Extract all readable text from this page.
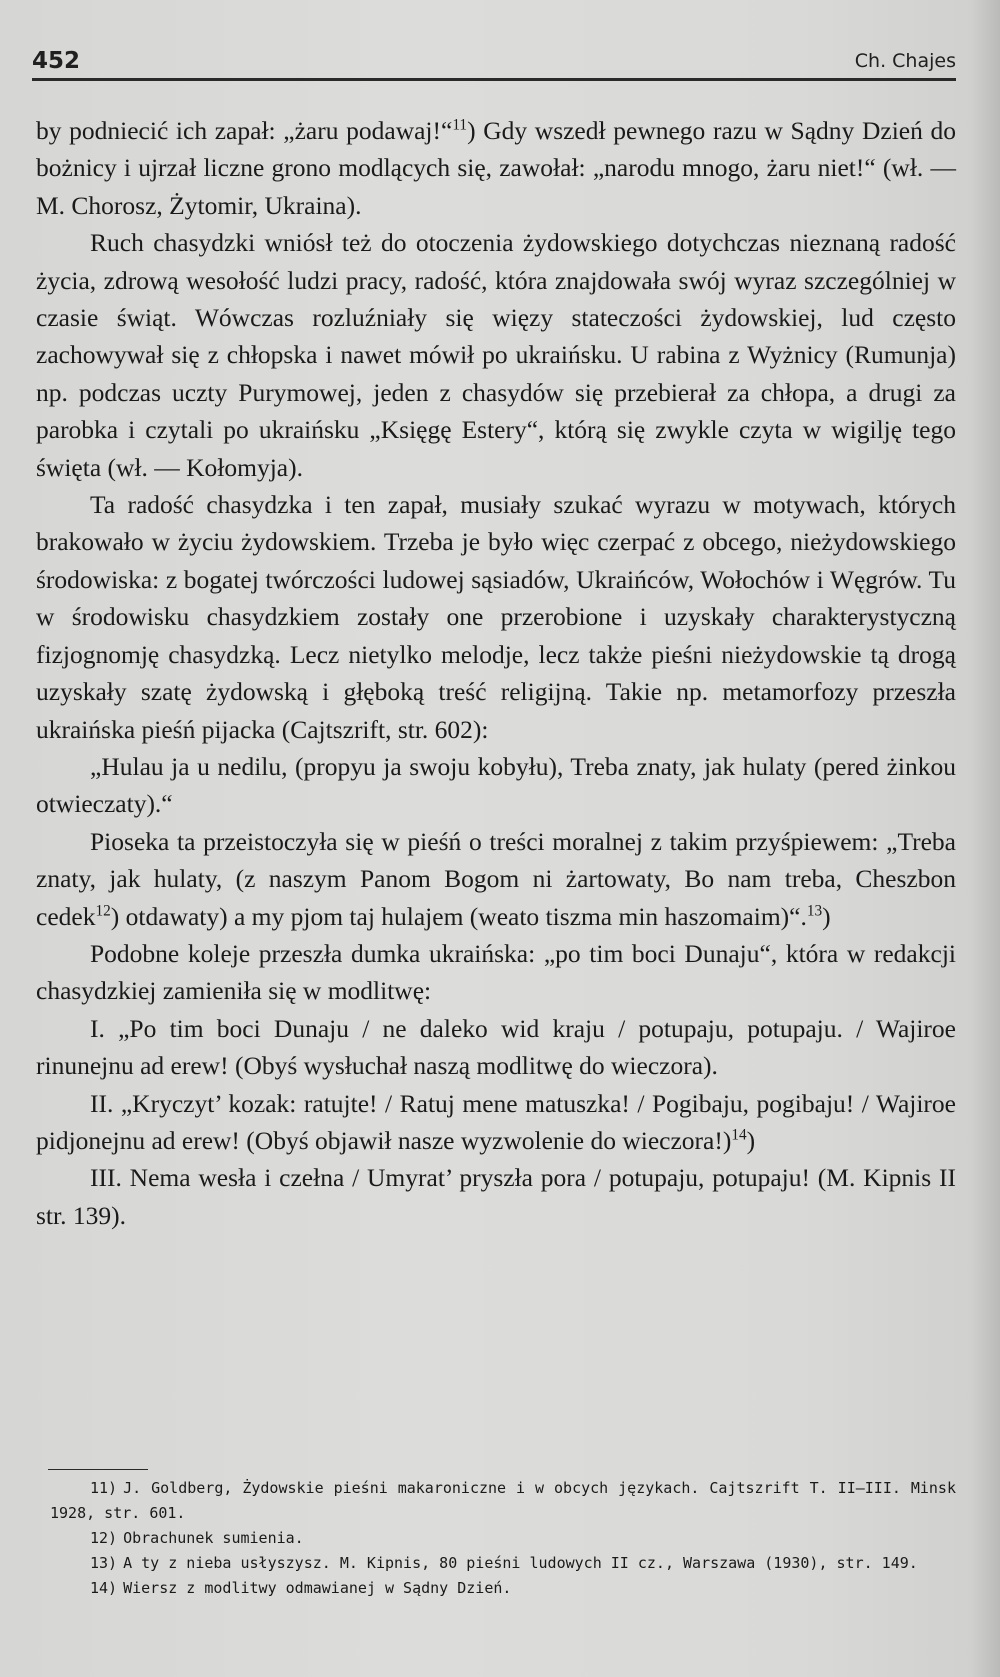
452	Ch. Chajes

by podniecić ich zapał: „żaru podawaj!“$^{11}$) Gdy wszedł pewnego razu w Sądny Dzień do bożnicy i ujrzał liczne grono modlących się, zawołał: „narodu mnogo, żaru niet!“ (wł. — M. Chorosz, Żytomir, Ukraina).

Ruch chasydzki wniósł też do otoczenia żydowskiego dotychczas nieznaną radość życia, zdrową wesołość ludzi pracy, radość, która znajdowała swój wyraz szczególniej w czasie świąt. Wówczas rozluźniały się więzy stateczości żydowskiej, lud często zachowywał się z chłopska i nawet mówił po ukraińsku. U rabina z Wyżnicy (Rumunja) np. podczas uczty Purymowej, jeden z chasydów się przebierał za chłopa, a drugi za parobka i czytali po ukraińsku „Księgę Estery“, którą się zwykle czyta w wigilję tego święta (wł. — Kołomyja).

Ta radość chasydzka i ten zapał, musiały szukać wyrazu w motywach, których brakowało w życiu żydowskiem. Trzeba je było więc czerpać z obcego, nieżydowskiego środowiska: z bogatej twórczości ludowej sąsiadów, Ukraińców, Wołochów i Węgrów. Tu w środowisku chasydzkiem zostały one przerobione i uzyskały charakterystyczną fizjognomję chasydzką. Lecz nietylko melodje, lecz także pieśni nieżydowskie tą drogą uzyskały szatę żydowską i głęboką treść religijną. Takie np. metamorfozy przeszła ukraińska pieśń pijacka (Cajtszrift, str. 602):

„Hulau ja u nedilu, (propyu ja swoju kobyłu), Treba znaty, jak hulaty (pered żinkou otwieczaty).“

Pioseka ta przeistoczyła się w pieśń o treści moralnej z takim przyśpiewem: „Treba znaty, jak hulaty, (z naszym Panom Bogom ni żartowaty, Bo nam treba, Cheszbon cedek$^{12}$) otdawaty) a my pjom taj hulajem (weato tiszma min haszomaim)“.$^{13}$)

Podobne koleje przeszła dumka ukraińska: „po tim boci Dunaju“, która w redakcji chasydzkiej zamieniła się w modlitwę:

I. „Po tim boci Dunaju / ne daleko wid kraju / potupaju, potupaju. / Wajiroe rinunejnu ad erew! (Obyś wysłuchał naszą modlitwę do wieczora).

II. „Kryczyt’ kozak: ratujte! / Ratuj mene matuszka! / Pogibaju, pogibaju! / Wajiroe pidjonejnu ad erew! (Obyś objawił nasze wyzwolenie do wieczora!)$^{14}$)

III. Nema wesła i czełna / Umyrat’ pryszła pora / potupaju, potupaju! (M. Kipnis II str. 139).

11) J. Goldberg, Żydowskie pieśni makaroniczne i w obcych językach. Cajtszrift T. II—III. Minsk 1928, str. 601.

12) Obrachunek sumienia.

13) A ty z nieba usłyszysz. M. Kipnis, 80 pieśni ludowych II cz., Warszawa (1930), str. 149.

14) Wiersz z modlitwy odmawianej w Sądny Dzień.
